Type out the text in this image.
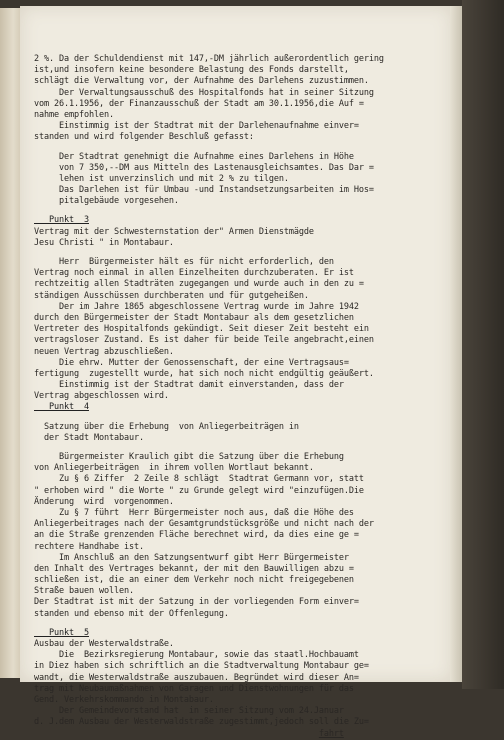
2 %. Da der Schuldendienst mit 147,-DM jährlich außerordentlich gering
ist,und insofern keine besondere Belastung des Fonds darstellt,
schlägt die Verwaltung vor, der Aufnahme des Darlehens zuzustimmen.
Der Verwaltungsausschuß des Hospitalfonds hat in seiner Sitzung
vom 26.1.1956, der Finanzausschuß der Stadt am 30.1.1956,die Auf =
nahme empfohlen.
Einstimmig ist der Stadtrat mit der Darlehenaufnahme einver=
standen und wird folgender Beschluß gefasst:
Der Stadtrat genehmigt die Aufnahme eines Darlehens in Höhe
von 7 350,--DM aus Mitteln des Lastenausgleichsamtes. Das Dar =
lehen ist unverzinslich und mit 2 % zu tilgen.
Das Darlehen ist für Umbau -und Instandsetzungsarbeiten im Hos=
pitalgebäude vorgesehen.
Punkt  3
Vertrag mit der Schwesternstation der" Armen Dienstmägde
Jesu Christi " in Montabaur.
Herr  Bürgermeister hält es für nicht erforderlich, den
Vertrag noch einmal in allen Einzelheiten durchzuberaten. Er ist
rechtzeitig allen Stadträten zugegangen und wurde auch in den zu =
ständigen Ausschüssen durchberaten und für gutgeheißen.
Der im Jahre 1865 abgeschlossene Vertrag wurde im Jahre 1942
durch den Bürgermeister der Stadt Montabaur als dem gesetzlichen
Vertreter des Hospitalfonds gekündigt. Seit dieser Zeit besteht ein
vertragsloser Zustand. Es ist daher für beide Teile angebracht,einen
neuen Vertrag abzuschließen.
Die ehrw. Mutter der Genossenschaft, der eine Vertragsaus=
fertigung  zugestellt wurde, hat sich noch nicht endgültig geäußert.
Einstimmig ist der Stadtrat damit einverstanden, dass der
Vertrag abgeschlossen wird.
Punkt  4
Satzung über die Erhebung  von Anliegerbeiträgen in
der Stadt Montabaur.
Bürgermeister Kraulich gibt die Satzung über die Erhebung
von Anliegerbeiträgen  in ihrem vollen Wortlaut bekannt.
Zu § 6 Ziffer  2 Zeile 8 schlägt  Stadtrat Germann vor, statt
" erhoben wird " die Worte " zu Grunde gelegt wird "einzufügen.Die
Änderung  wird  vorgenommen.
Zu § 7 führt  Herr Bürgermeister noch aus, daß die Höhe des
Anliegerbeitrages nach der Gesamtgrundstücksgröße und nicht nach der
an die Straße grenzenden Fläche berechnet wird, da dies eine ge =
rechtere Handhabe ist.
Im Anschluß an den Satzungsentwurf gibt Herr Bürgermeister
den Inhalt des Vertrages bekannt, der mit den Bauwilligen abzu =
schließen ist, die an einer dem Verkehr noch nicht freigegebenen
Straße bauen wollen.
Der Stadtrat ist mit der Satzung in der vorliegenden Form einver=
standen und ebenso mit der Offenlegung.
Punkt  5
Ausbau der Westerwaldstraße.
Die  Bezirksregierung Montabaur, sowie das staatl.Hochbauamt
in Diez haben sich schriftlich an die Stadtverwaltung Montabaur ge=
wandt, die Westerwaldstraße auszubauen. Begründet wird dieser An=
trag mit Neubaumaßnahmen von Garagen und Dienstwohnungen für das
Gend. Verkehrskommando in Montabaur.
Der Gemeindevorstand hat  in seiner Sitzung vom 24.Januar
d. J.dem Ausbau der Westerwaldstraße zugestimmt,jedoch soll die Zu=
fahrt
